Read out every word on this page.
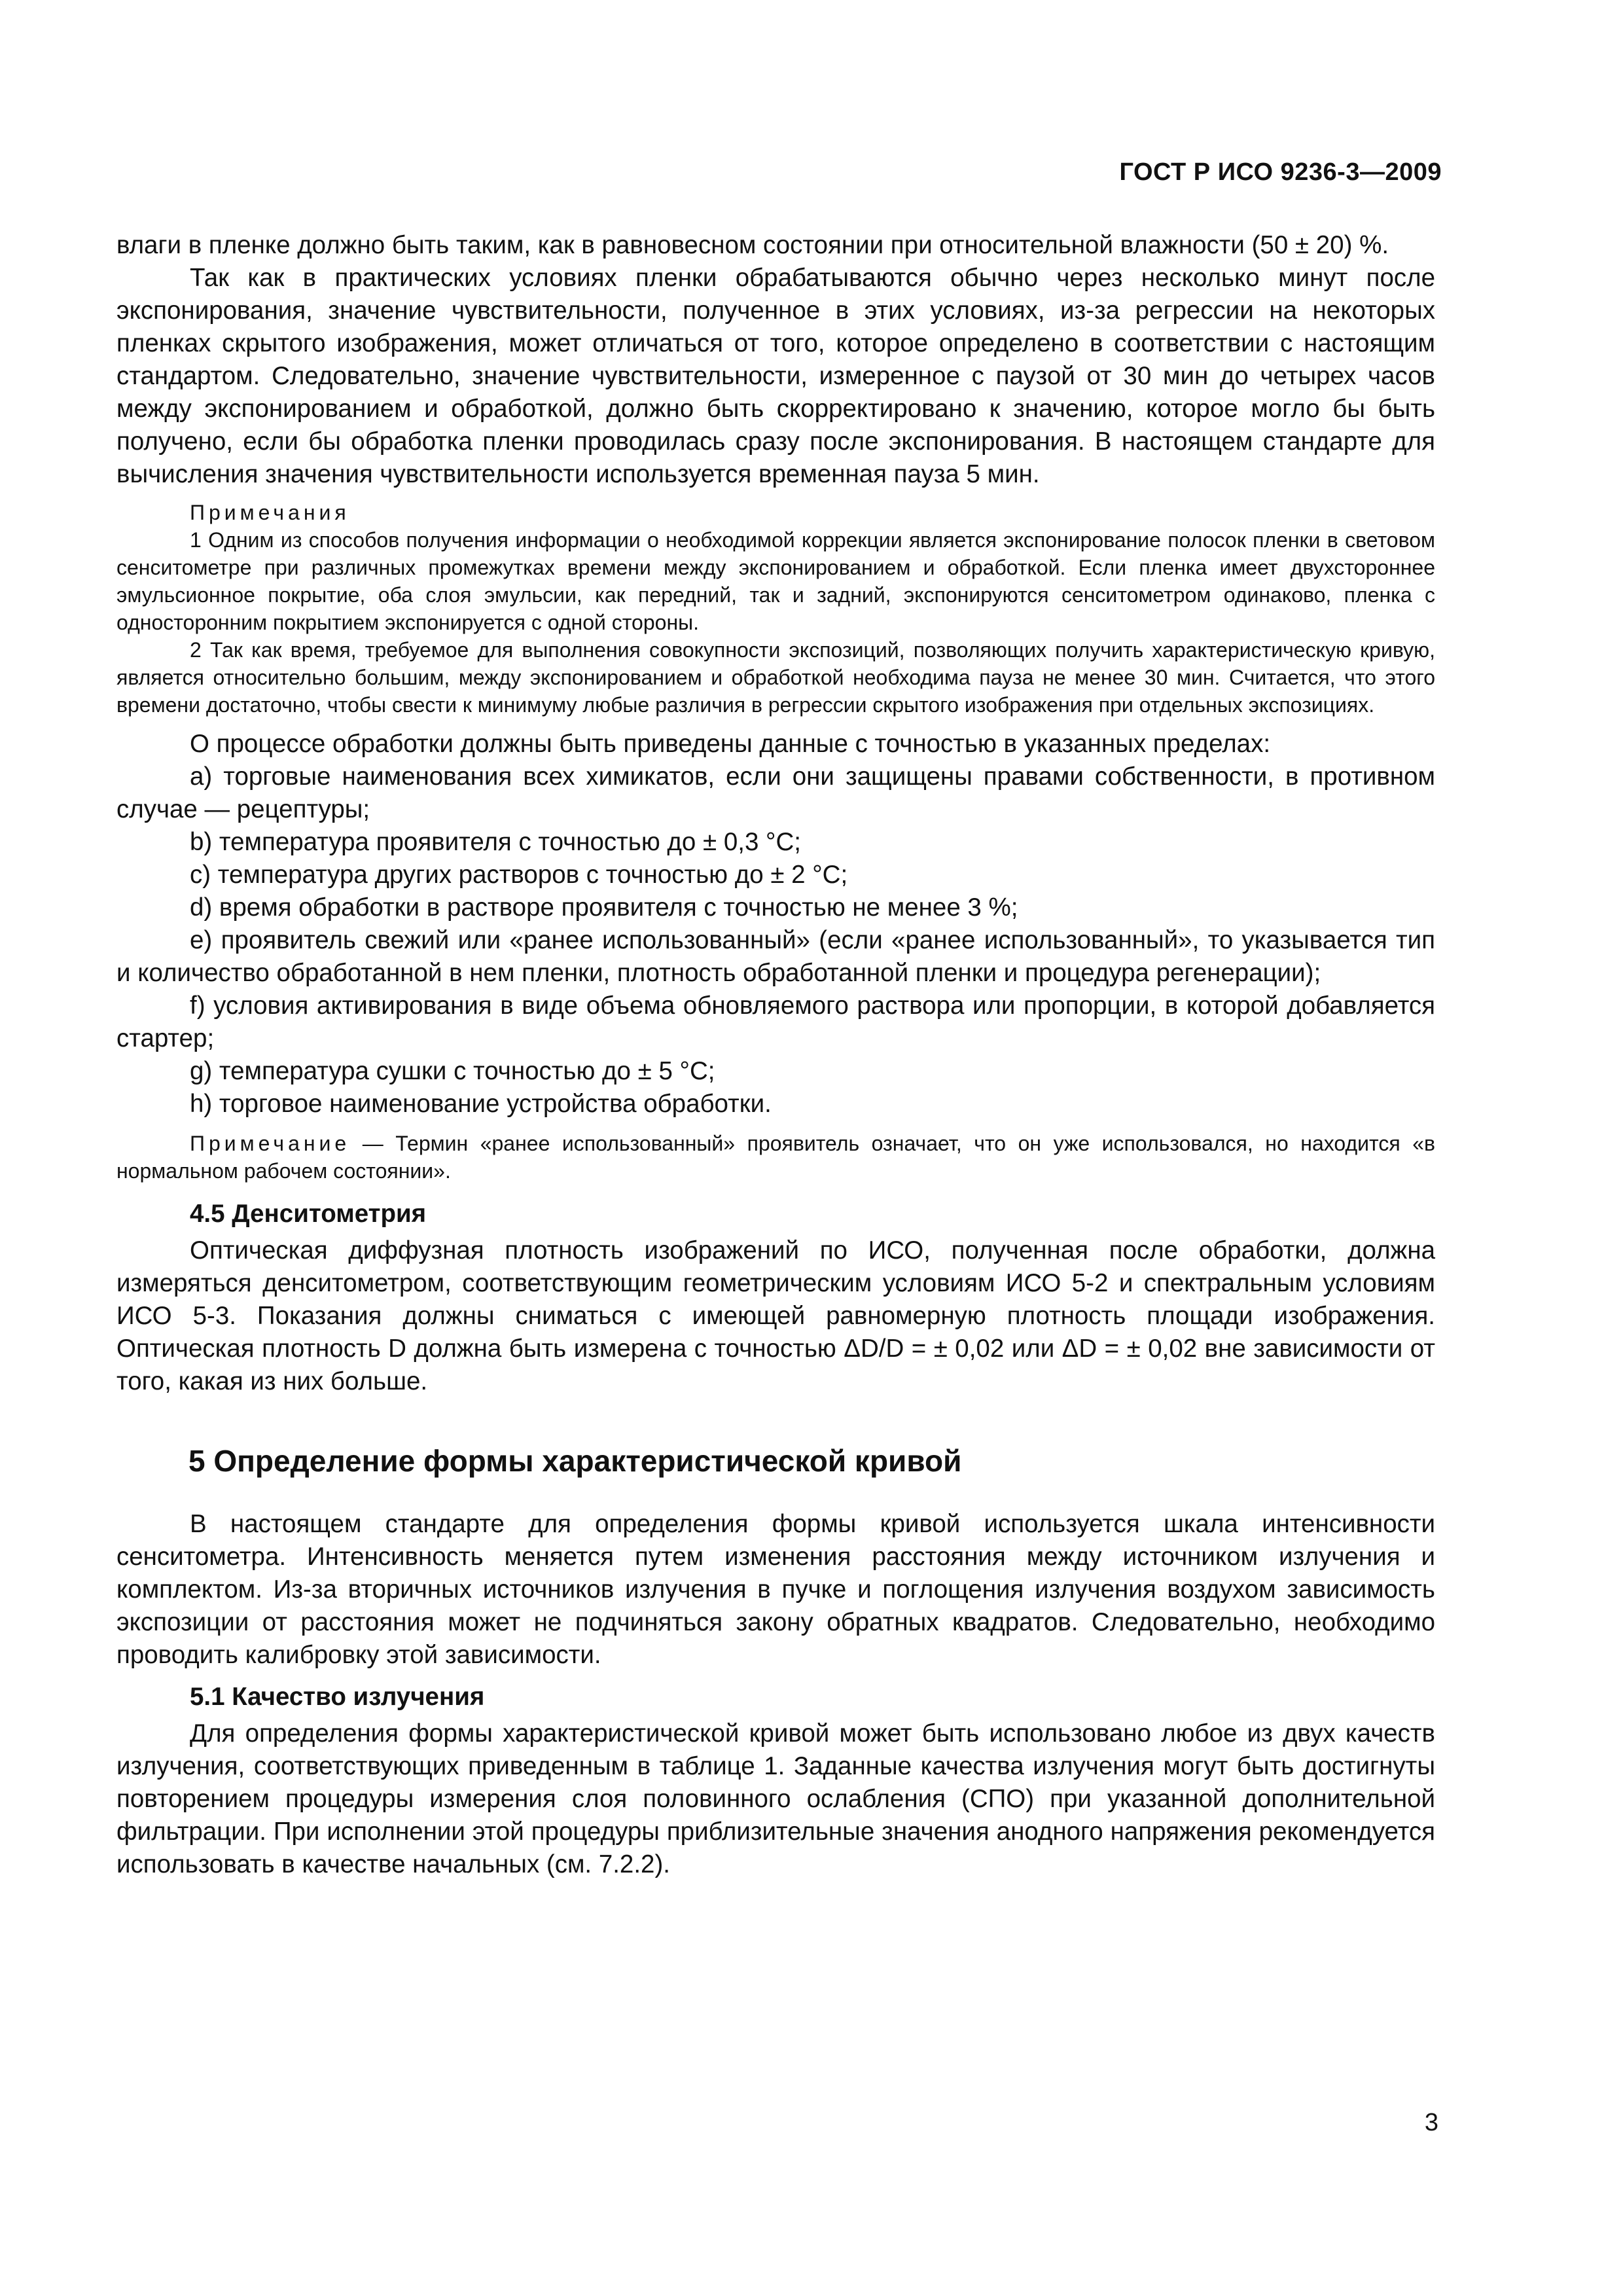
ГОСТ Р ИСО 9236-3—2009

влаги в пленке должно быть таким, как в равновесном состоянии при относительной влажности (50 ± 20) %.

Так как в практических условиях пленки обрабатываются обычно через несколько минут после экспонирования, значение чувствительности, полученное в этих условиях, из-за регрессии на некоторых пленках скрытого изображения, может отличаться от того, которое определено в соответствии с настоящим стандартом. Следовательно, значение чувствительности, измеренное с паузой от 30 мин до четырех часов между экспонированием и обработкой, должно быть скорректировано к значению, которое могло бы быть получено, если бы обработка пленки проводилась сразу после экспонирования. В настоящем стандарте для вычисления значения чувствительности используется временная пауза 5 мин.

Примечания

1 Одним из способов получения информации о необходимой коррекции является экспонирование полосок пленки в световом сенситометре при различных промежутках времени между экспонированием и обработкой. Если пленка имеет двухстороннее эмульсионное покрытие, оба слоя эмульсии, как передний, так и задний, экспонируются сенситометром одинаково, пленка с односторонним покрытием экспонируется с одной стороны.

2 Так как время, требуемое для выполнения совокупности экспозиций, позволяющих получить характеристическую кривую, является относительно большим, между экспонированием и обработкой необходима пауза не менее 30 мин. Считается, что этого времени достаточно, чтобы свести к минимуму любые различия в регрессии скрытого изображения при отдельных экспозициях.

О процессе обработки должны быть приведены данные с точностью в указанных пределах:

а) торговые наименования всех химикатов, если они защищены правами собственности, в противном случае — рецептуры;

b) температура проявителя с точностью до ± 0,3 °С;

с) температура других растворов с точностью до ± 2 °С;

d) время обработки в растворе проявителя с точностью не менее 3 %;

е) проявитель свежий или «ранее использованный» (если «ранее использованный», то указывается тип и количество обработанной в нем пленки, плотность обработанной пленки и процедура регенерации);

f) условия активирования в виде объема обновляемого раствора или пропорции, в которой добавляется стартер;

g) температура сушки с точностью до ± 5 °С;

h) торговое наименование устройства обработки.

Примечание — Термин «ранее использованный» проявитель означает, что он уже использовался, но находится «в нормальном рабочем состоянии».

4.5 Денситометрия

Оптическая диффузная плотность изображений по ИСО, полученная после обработки, должна измеряться денситометром, соответствующим геометрическим условиям ИСО 5-2 и спектральным условиям ИСО 5-3. Показания должны сниматься с имеющей равномерную плотность площади изображения. Оптическая плотность D должна быть измерена с точностью ΔD/D = ± 0,02 или ΔD = ± 0,02 вне зависимости от того, какая из них больше.

5 Определение формы характеристической кривой

В настоящем стандарте для определения формы кривой используется шкала интенсивности сенситометра. Интенсивность меняется путем изменения расстояния между источником излучения и комплектом. Из-за вторичных источников излучения в пучке и поглощения излучения воздухом зависимость экспозиции от расстояния может не подчиняться закону обратных квадратов. Следовательно, необходимо проводить калибровку этой зависимости.

5.1 Качество излучения

Для определения формы характеристической кривой может быть использовано любое из двух качеств излучения, соответствующих приведенным в таблице 1. Заданные качества излучения могут быть достигнуты повторением процедуры измерения слоя половинного ослабления (СПО) при указанной дополнительной фильтрации. При исполнении этой процедуры приблизительные значения анодного напряжения рекомендуется использовать в качестве начальных (см. 7.2.2).

3
